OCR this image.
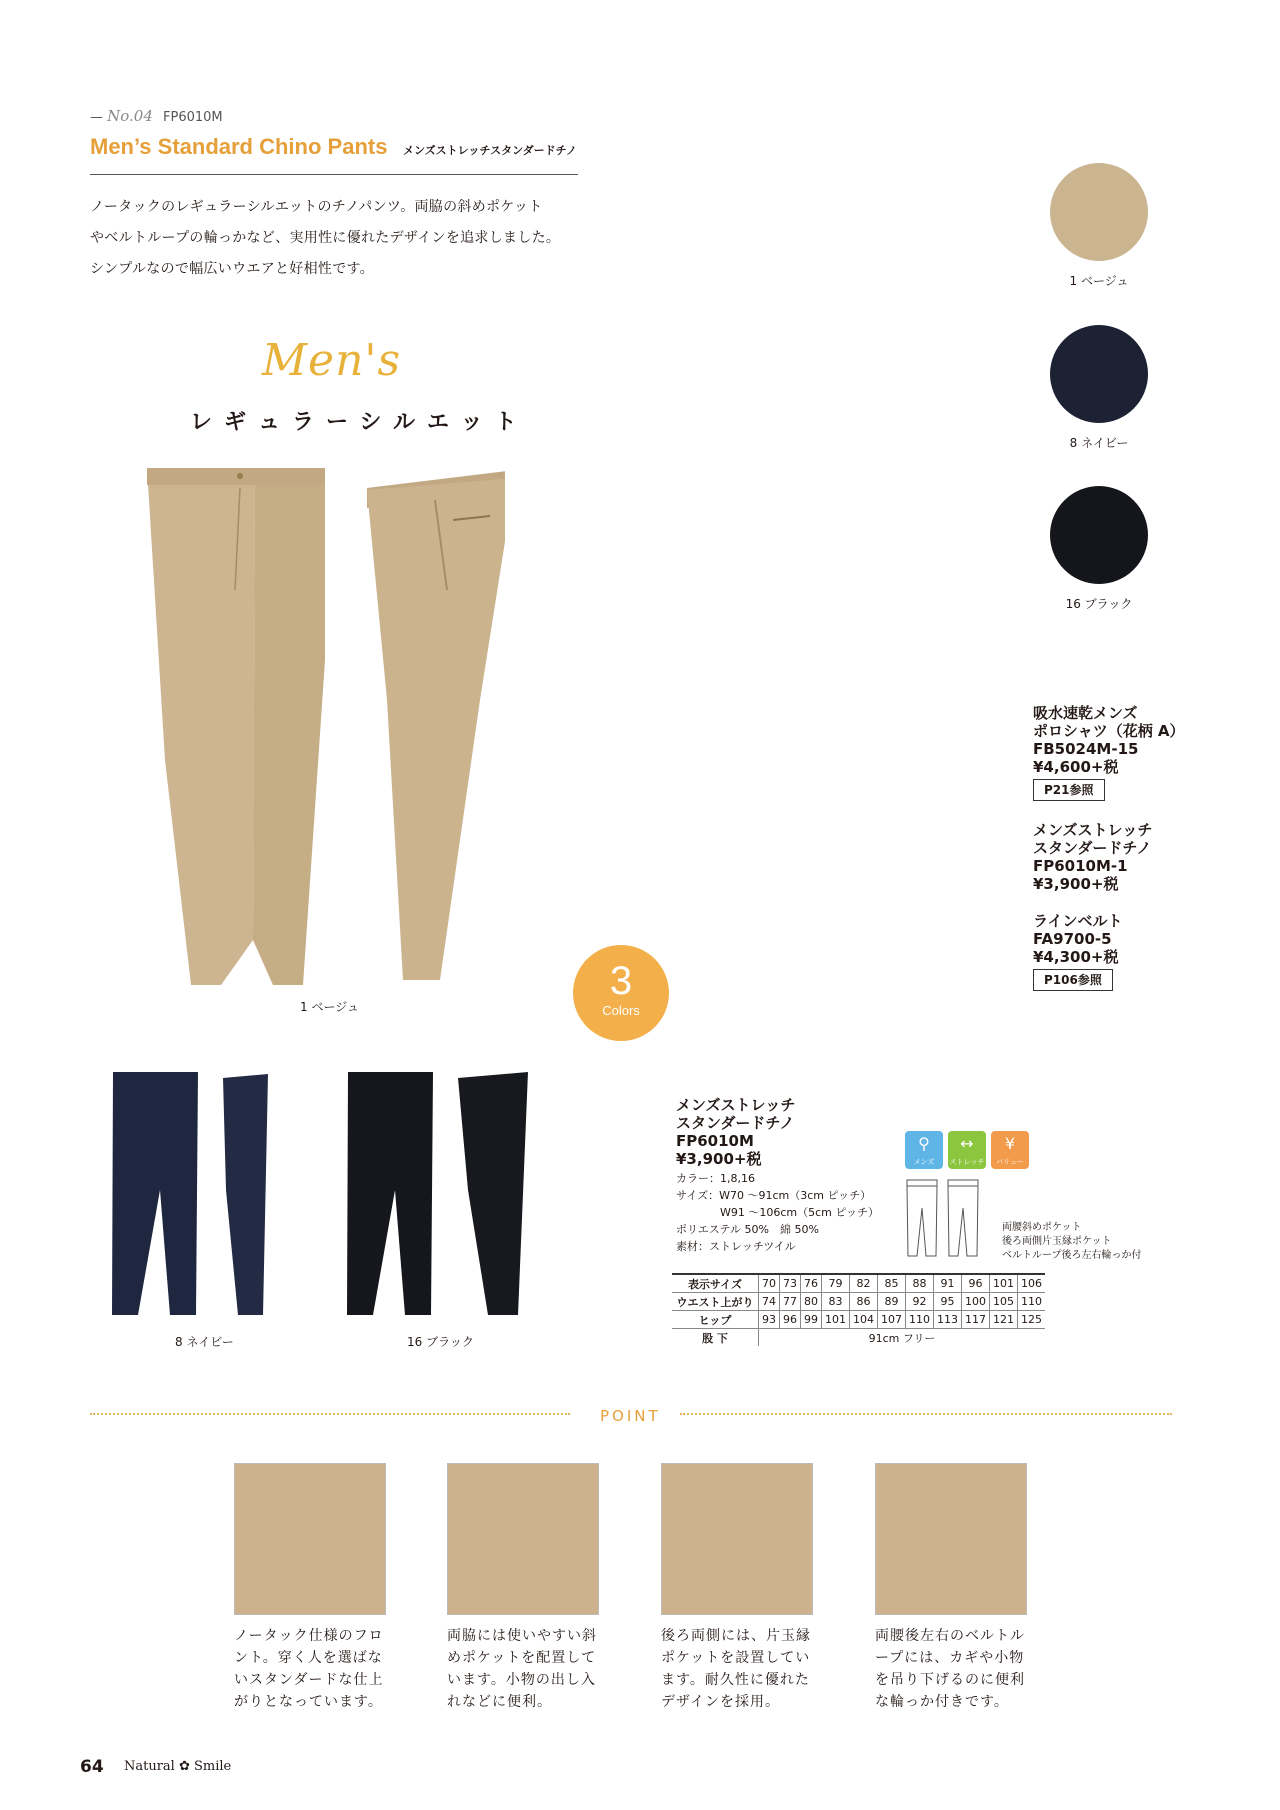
— No.04 FP6010M
Men’s Standard Chino Pants メンズストレッチスタンダードチノ
ノータックのレギュラーシルエットのチノパンツ。両脇の斜めポケット
やベルトループの輪っかなど、実用性に優れたデザインを追求しました。
シンプルなので幅広いウエアと好相性です。
Men's
レギュラーシルエット
1 ベージュ
3
Colors
1 ベージュ
8 ネイビー
16 ブラック
吸水速乾メンズ
ポロシャツ（花柄 A）
FB5024M-15
¥4,600+税
P21参照
メンズストレッチ
スタンダードチノ
FP6010M-1
¥3,900+税
ラインベルト
FA9700-5
¥4,300+税
P106参照
8 ネイビー	16 ブラック
メンズストレッチ
スタンダードチノ
FP6010M
¥3,900+税
カラー：1,8,16
サイズ：W70 〜91cm（3cm ピッチ）
　　　　W91 〜106cm（5cm ピッチ）
ポリエステル 50%　綿 50%
素材：ストレッチツイル
⚲
メンズ
↔
ストレッチ
¥
バリュー
両腰斜めポケット
後ろ両側片玉縁ポケット
ベルトループ後ろ左右輪っか付
表示サイズ	70	73	76	79	82	85	88	91	96	101	106
ウエスト上がり	74	77	80	83	86	89	92	95	100	105	110
ヒップ	93	96	99	101	104	107	110	113	117	121	125
股 下	91cm フリー										
POINT
ノータック仕様のフロント。穿く人を選ばないスタンダードな仕上がりとなっています。
両脇には使いやすい斜めポケットを配置しています。小物の出し入れなどに便利。
後ろ両側には、片玉縁ポケットを設置しています。耐久性に優れたデザインを採用。
両腰後左右のベルトループには、カギや小物を吊り下げるのに便利な輪っか付きです。
64 Natural ✿ Smile
